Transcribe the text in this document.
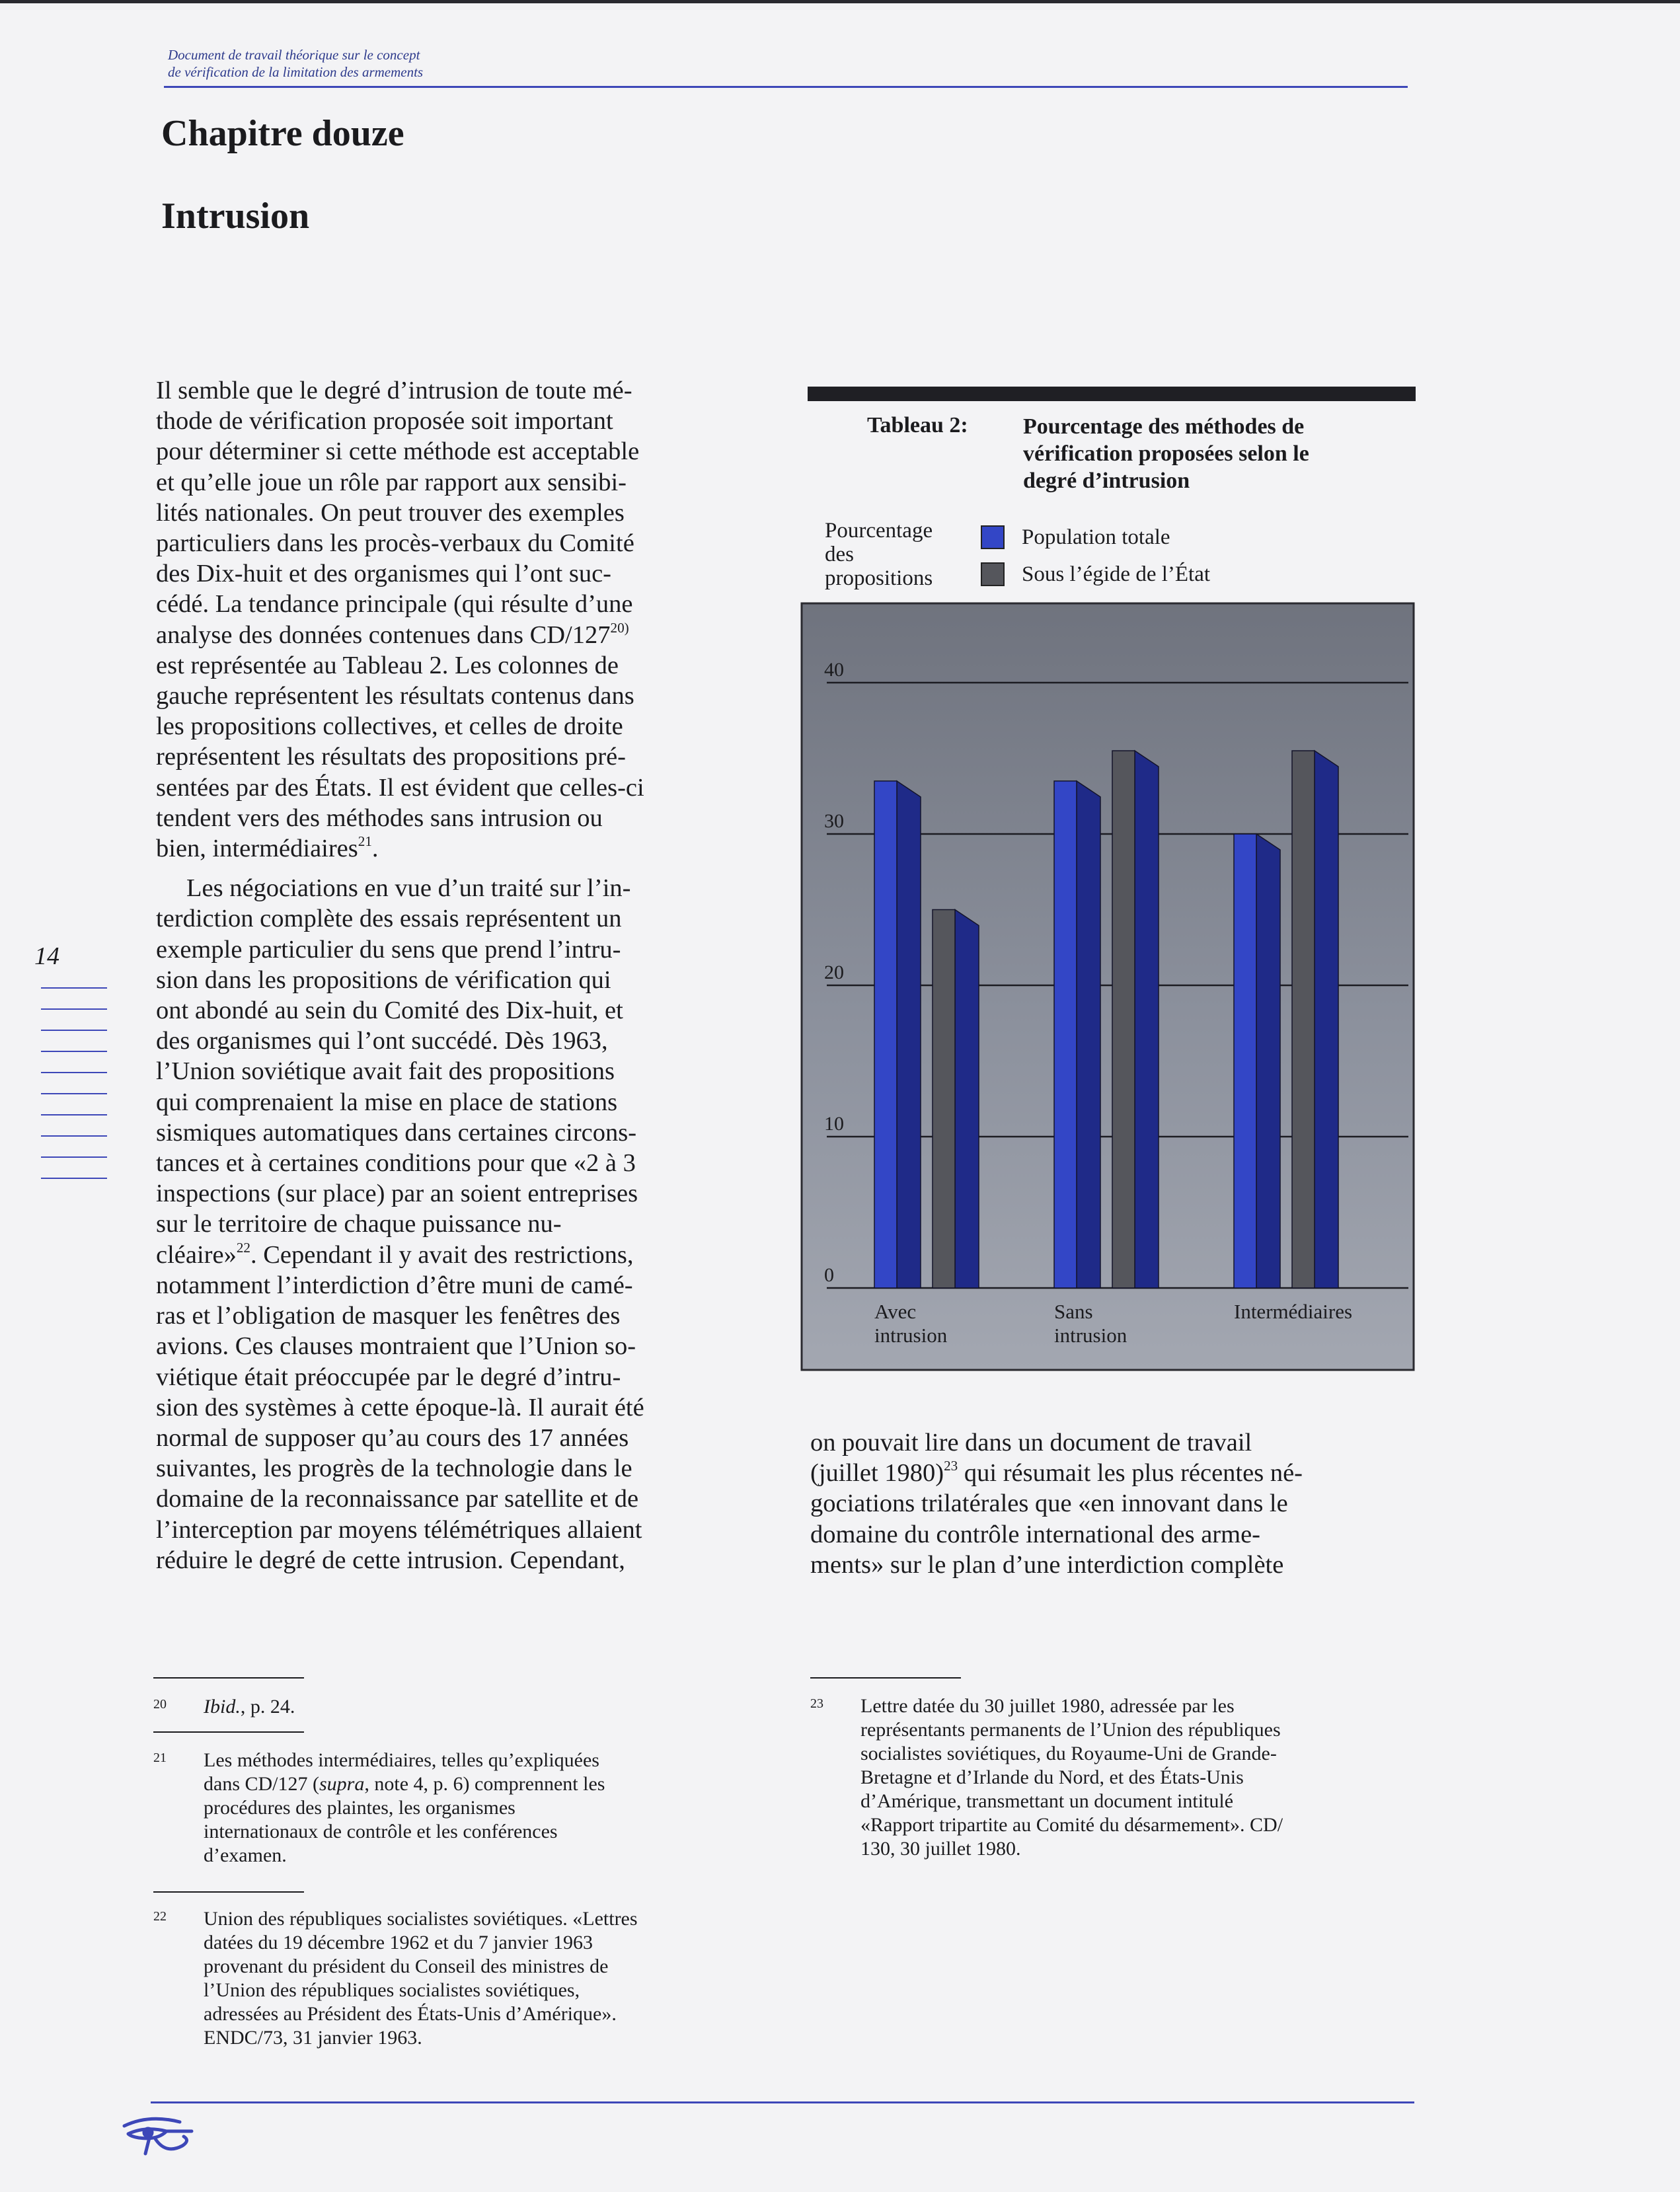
Document de travail théorique sur le concept
de vérification de la limitation des armements
Chapitre douze
Intrusion

Il semble que le degré d’intrusion de toute mé-
thode de vérification proposée soit important
pour déterminer si cette méthode est acceptable
et qu’elle joue un rôle par rapport aux sensibi-
lités nationales. On peut trouver des exemples
particuliers dans les procès-verbaux du Comité
des Dix-huit et des organismes qui l’ont suc-
cédé. La tendance principale (qui résulte d’une
analyse des données contenues dans CD/127$^{20)}$
est représentée au Tableau 2. Les colonnes de
gauche représentent les résultats contenus dans
les propositions collectives, et celles de droite
représentent les résultats des propositions pré-
sentées par des États. Il est évident que celles-ci
tendent vers des méthodes sans intrusion ou
bien, intermédiaires$^{21}$.

Les négociations en vue d’un traité sur l’in-
terdiction complète des essais représentent un
exemple particulier du sens que prend l’intru-
sion dans les propositions de vérification qui
ont abondé au sein du Comité des Dix-huit, et
des organismes qui l’ont succédé. Dès 1963,
l’Union soviétique avait fait des propositions
qui comprenaient la mise en place de stations
sismiques automatiques dans certaines circons-
tances et à certaines conditions pour que «2 à 3
inspections (sur place) par an soient entreprises
sur le territoire de chaque puissance nu-
cléaire»$^{22}$. Cependant il y avait des restrictions,
notamment l’interdiction d’être muni de camé-
ras et l’obligation de masquer les fenêtres des
avions. Ces clauses montraient que l’Union so-
viétique était préoccupée par le degré d’intru-
sion des systèmes à cette époque-là. Il aurait été
normal de supposer qu’au cours des 17 années
suivantes, les progrès de la technologie dans le
domaine de la reconnaissance par satellite et de
l’interception par moyens télémétriques allaient
réduire le degré de cette intrusion. Cependant,

14
Tableau 2: Pourcentage des méthodes de
vérification proposées selon le
degré d’intrusion
Pourcentage
des
propositions
Population totale
Sous l’égide de l’État
0
10
20
30
40
Avec
intrusion
Sans
intrusion
Intermédiaires

on pouvait lire dans un document de travail
(juillet 1980)$^{23}$ qui résumait les plus récentes né-
gociations trilatérales que «en innovant dans le
domaine du contrôle international des arme-
ments» sur le plan d’une interdiction complète

20 Ibid., p. 24.
21 Les méthodes intermédiaires, telles qu’expliquées
dans CD/127 (supra, note 4, p. 6) comprennent les
procédures des plaintes, les organismes
internationaux de contrôle et les conférences
d’examen.
22 Union des républiques socialistes soviétiques. «Lettres
datées du 19 décembre 1962 et du 7 janvier 1963
provenant du président du Conseil des ministres de
l’Union des républiques socialistes soviétiques,
adressées au Président des États-Unis d’Amérique».
ENDC/73, 31 janvier 1963.
23 Lettre datée du 30 juillet 1980, adressée par les
représentants permanents de l’Union des républiques
socialistes soviétiques, du Royaume-Uni de Grande-
Bretagne et d’Irlande du Nord, et des États-Unis
d’Amérique, transmettant un document intitulé
«Rapport tripartite au Comité du désarmement». CD/
130, 30 juillet 1980.
